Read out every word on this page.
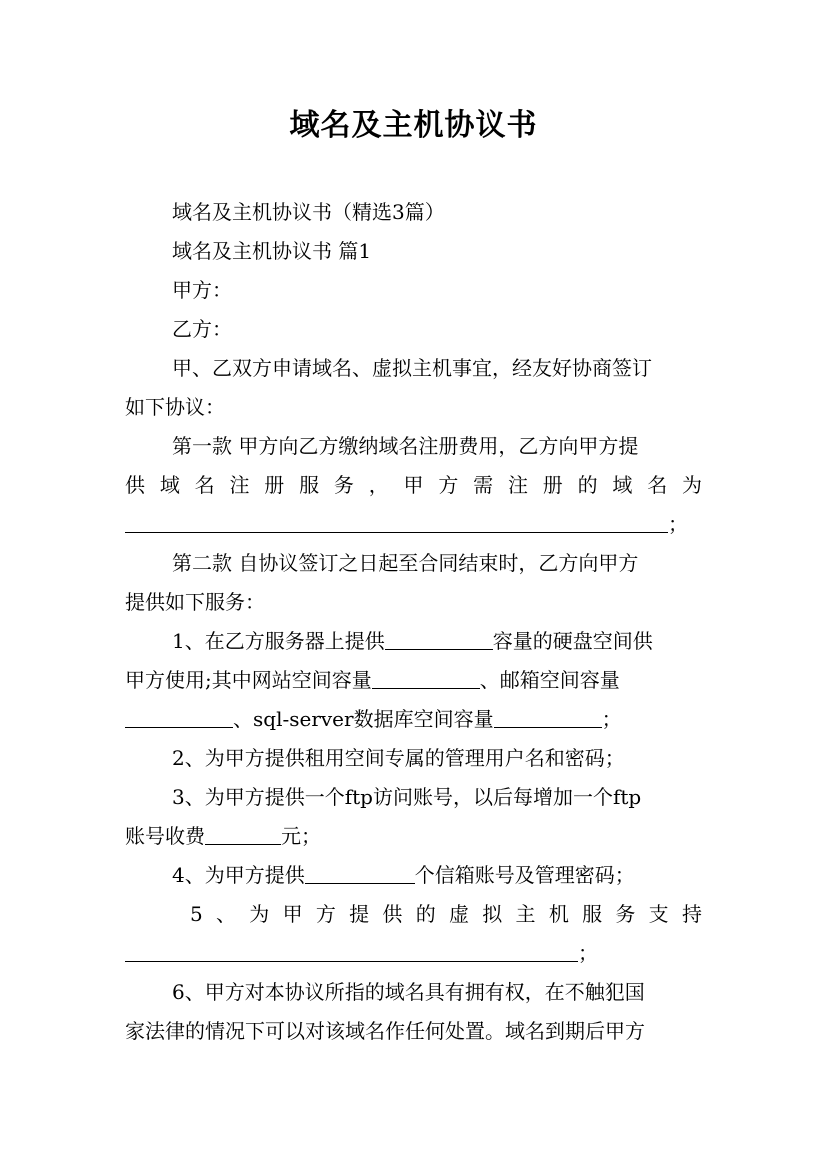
域名及主机协议书
域名及主机协议书（精选3篇）
域名及主机协议书 篇1
甲方：
乙方：
甲、乙双方申请域名、虚拟主机事宜，经友好协商签订
如下协议：
第一款 甲方向乙方缴纳域名注册费用，乙方向甲方提
供 域 名 注 册 服 务 ， 甲 方 需 注 册 的 域 名 为
；
第二款 自协议签订之日起至合同结束时，乙方向甲方
提供如下服务：
1、在乙方服务器上提供	容量的硬盘空间供
甲方使用;其中网站空间容量	、邮箱空间容量
、sql-server数据库空间容量	；
2、为甲方提供租用空间专属的管理用户名和密码；
3、为甲方提供一个ftp访问账号，以后每增加一个ftp
账号收费	元；
4、为甲方提供	个信箱账号及管理密码；
5 、 为 甲 方 提 供 的 虚 拟 主 机 服 务 支 持
；
6、甲方对本协议所指的域名具有拥有权，在不触犯国
家法律的情况下可以对该域名作任何处置。域名到期后甲方
